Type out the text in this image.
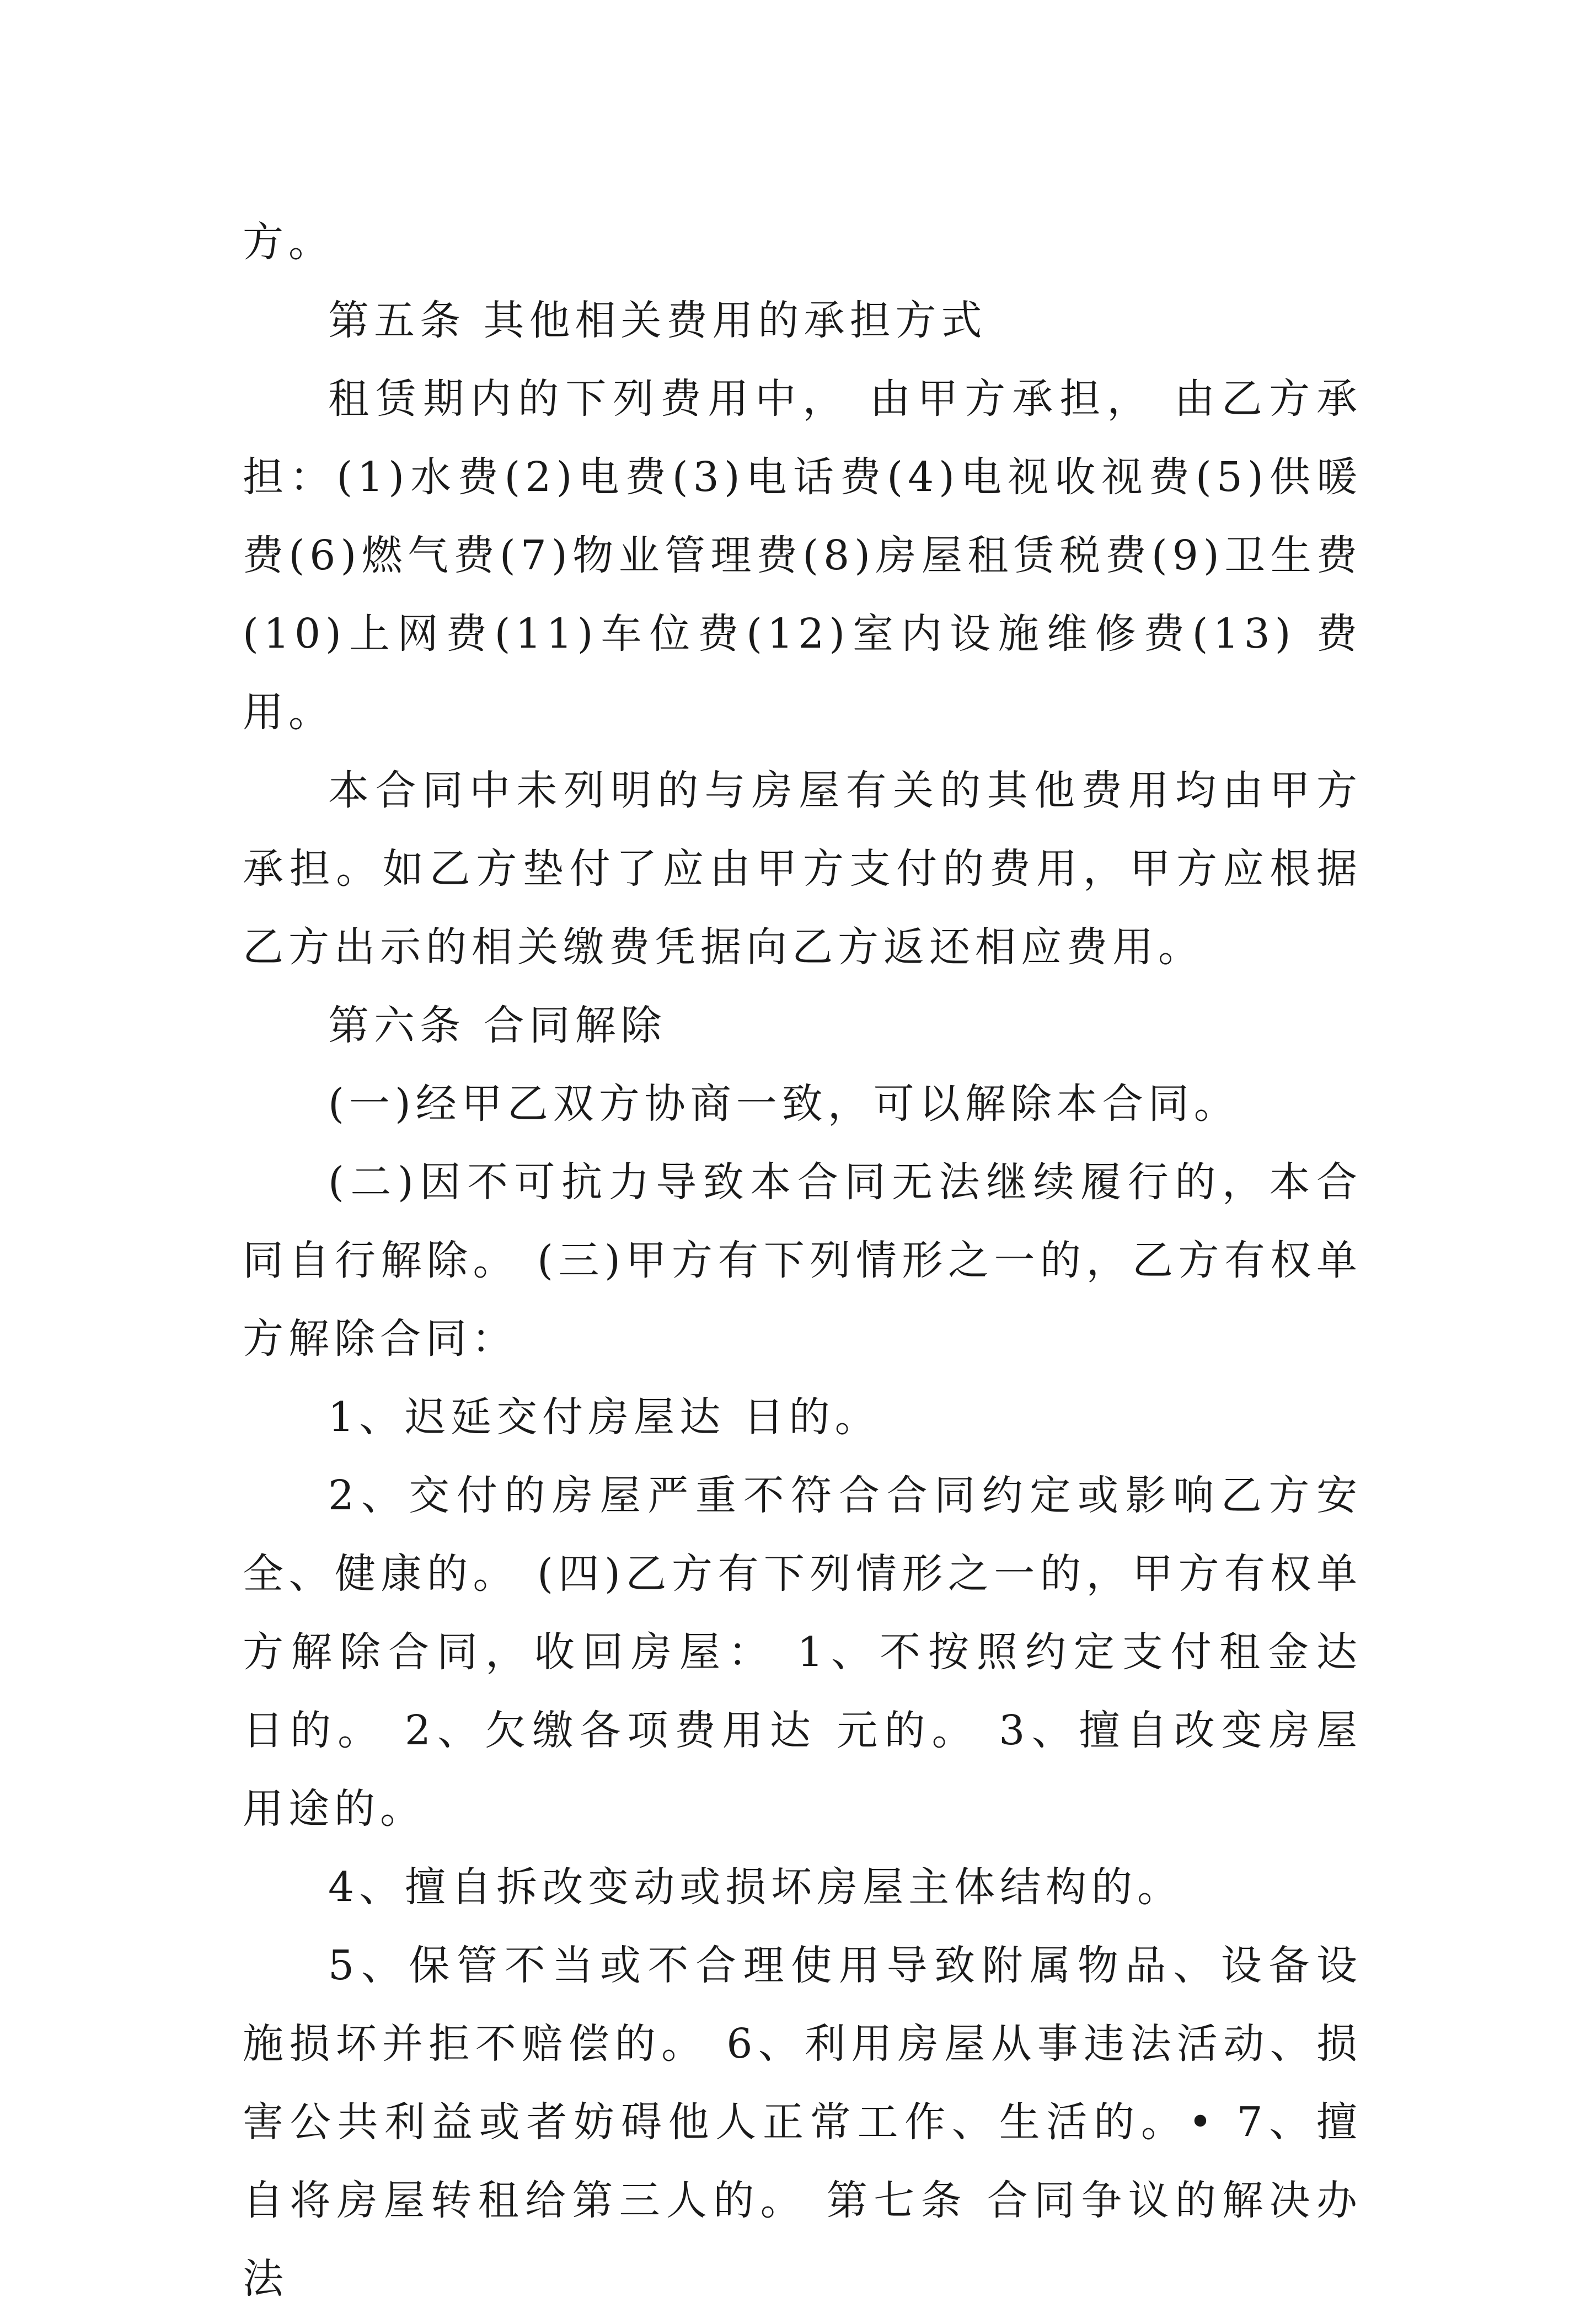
方。

第五条 其他相关费用的承担方式

租赁期内的下列费用中， 由甲方承担， 由乙方承担：(1)水费(2)电费(3)电话费(4)电视收视费(5)供暖费(6)燃气费(7)物业管理费(8)房屋租赁税费(9)卫生费(10)上网费(11)车位费(12)室内设施维修费(13) 费用。

本合同中未列明的与房屋有关的其他费用均由甲方承担。如乙方垫付了应由甲方支付的费用，甲方应根据乙方出示的相关缴费凭据向乙方返还相应费用。

第六条 合同解除

(一)经甲乙双方协商一致，可以解除本合同。

(二)因不可抗力导致本合同无法继续履行的，本合同自行解除。 (三)甲方有下列情形之一的，乙方有权单方解除合同：

1、迟延交付房屋达 日的。

2、交付的房屋严重不符合合同约定或影响乙方安全、健康的。 (四)乙方有下列情形之一的，甲方有权单方解除合同，收回房屋： 1、不按照约定支付租金达 日的。 2、欠缴各项费用达 元的。 3、擅自改变房屋用途的。

4、擅自拆改变动或损坏房屋主体结构的。

5、保管不当或不合理使用导致附属物品、设备设施损坏并拒不赔偿的。 6、利用房屋从事违法活动、损害公共利益或者妨碍他人正常工作、生活的。• 7、擅自将房屋转租给第三人的。 第七条 合同争议的解决办法
